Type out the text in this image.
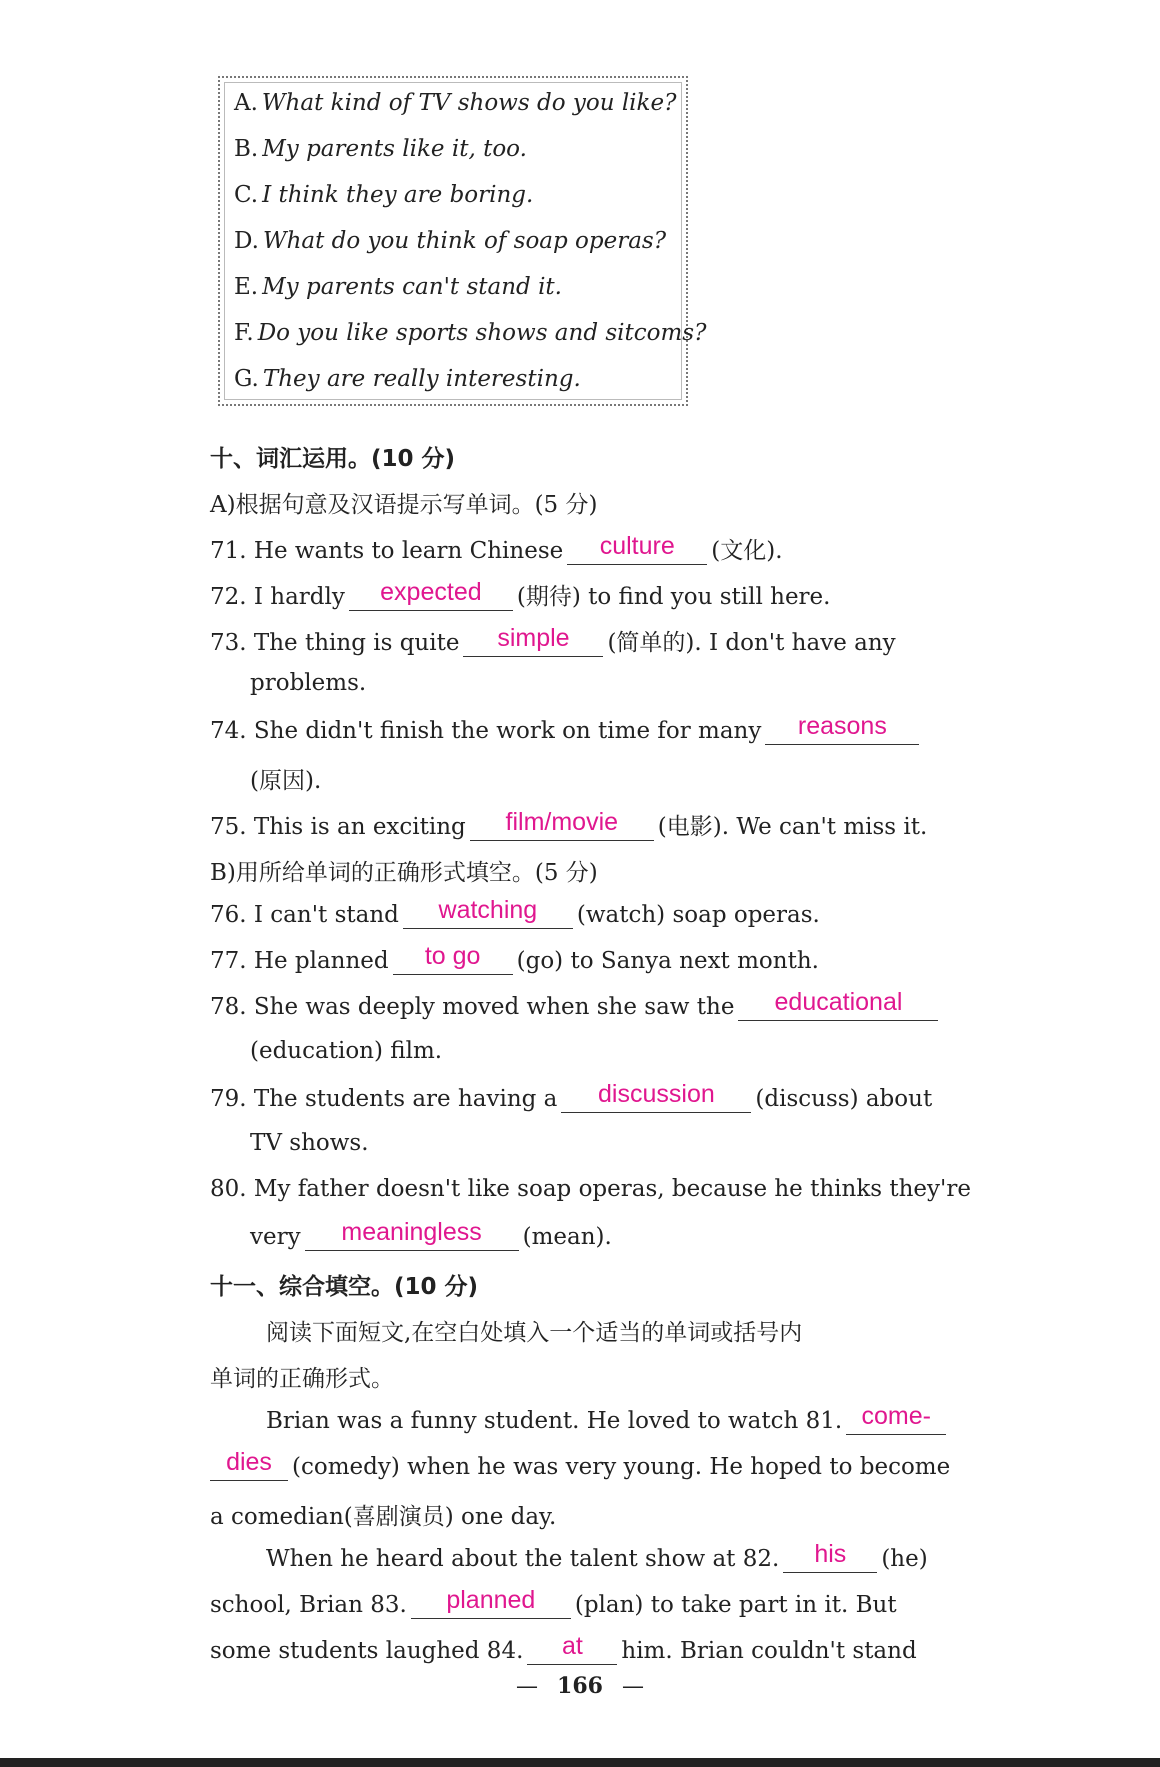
A. What kind of TV shows do you like?
B. My parents like it, too.
C. I think they are boring.
D. What do you think of soap operas?
E. My parents can't stand it.
F. Do you like sports shows and sitcoms?
G. They are really interesting.
十、词汇运用。(10 分)
A)根据句意及汉语提示写单词。(5 分)
71. He wants to learn Chinese culture (文化).
72. I hardly expected (期待) to find you still here.
73. The thing is quite simple (简单的). I don't have any
problems.
74. She didn't finish the work on time for many reasons
(原因).
75. This is an exciting film/movie (电影). We can't miss it.
B)用所给单词的正确形式填空。(5 分)
76. I can't stand watching (watch) soap operas.
77. He planned to go (go) to Sanya next month.
78. She was deeply moved when she saw the educational
(education) film.
79. The students are having a discussion (discuss) about
TV shows.
80. My father doesn't like soap operas, because he thinks they're
very meaningless (mean).
十一、综合填空。(10 分)
阅读下面短文,在空白处填入一个适当的单词或括号内
单词的正确形式。
Brian was a funny student. He loved to watch 81. come-
dies (comedy) when he was very young. He hoped to become
a comedian(喜剧演员) one day.
When he heard about the talent show at 82. his (he)
school, Brian 83. planned (plan) to take part in it. But
some students laughed 84. at him. Brian couldn't stand
— 166 —
